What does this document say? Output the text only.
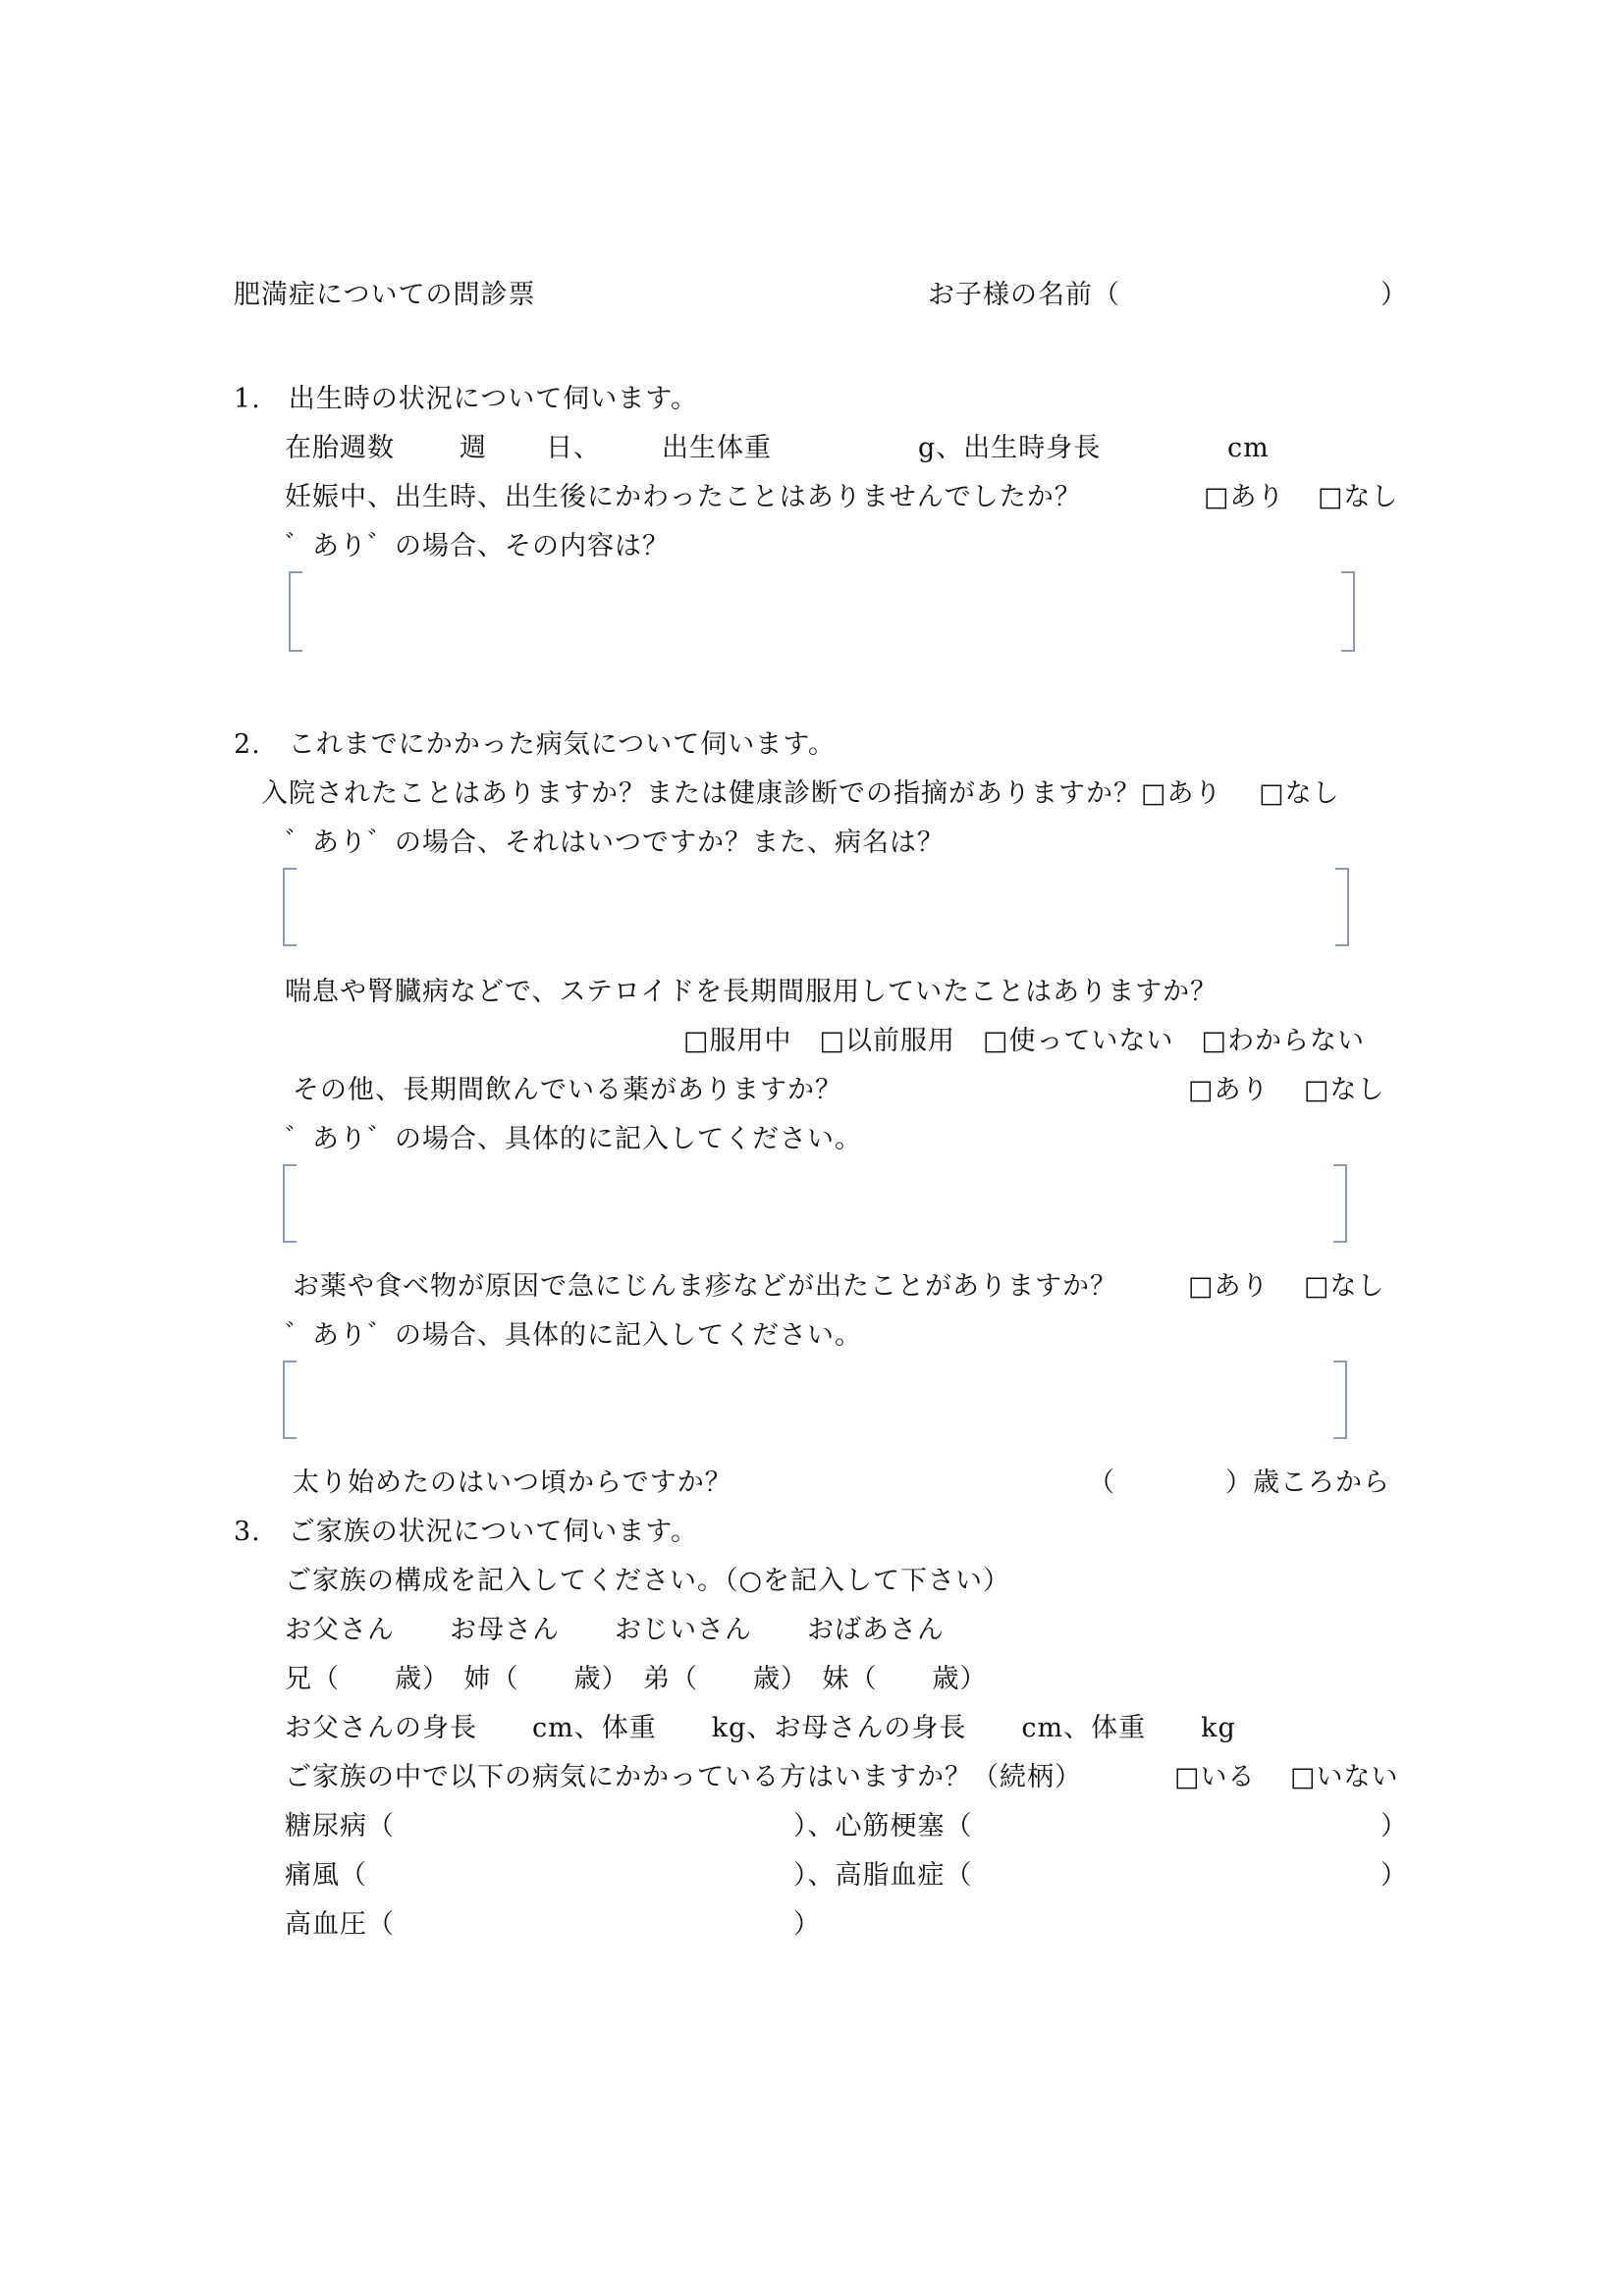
肥満症についての問診票	お子様の名前（	）
1.　出生時の状況について伺います。
在胎週数 週 日、 出生体重	g、出生時身長	cm
妊娠中、出生時、出生後にかわったことはありませんでしたか？	□あり □なし
゛あり゛の場合、その内容は？
2.　これまでにかかった病気について伺います。
入院されたことはありますか？または健康診断での指摘がありますか？□あり　 □なし
゛あり゛の場合、それはいつですか？また、病名は？
喘息や腎臓病などで、ステロイドを長期間服用していたことはありますか？
□服用中　□以前服用　□使っていない　□わからない
その他、長期間飲んでいる薬がありますか？	□あり □なし
゛あり゛の場合、具体的に記入してください。
お薬や食べ物が原因で急にじんま疹などが出たことがありますか？	□あり □なし
゛あり゛の場合、具体的に記入してください。
太り始めたのはいつ頃からですか？	（　　　　）歳ころから
3.　ご家族の状況について伺います。
ご家族の構成を記入してください。（○を記入して下さい）
お父さん　　お母さん　　おじいさん　　おばあさん
兄（　　歳）　姉（　　歳）　弟（　　歳）　妹（　　歳）
お父さんの身長　　cm、体重　　kg、お母さんの身長　　cm、体重　　kg
ご家族の中で以下の病気にかかっている方はいますか？（続柄）	□いる □いない
糖尿病（	）、心筋梗塞（	）
痛風（	）、高脂血症（	）
高血圧（	）
